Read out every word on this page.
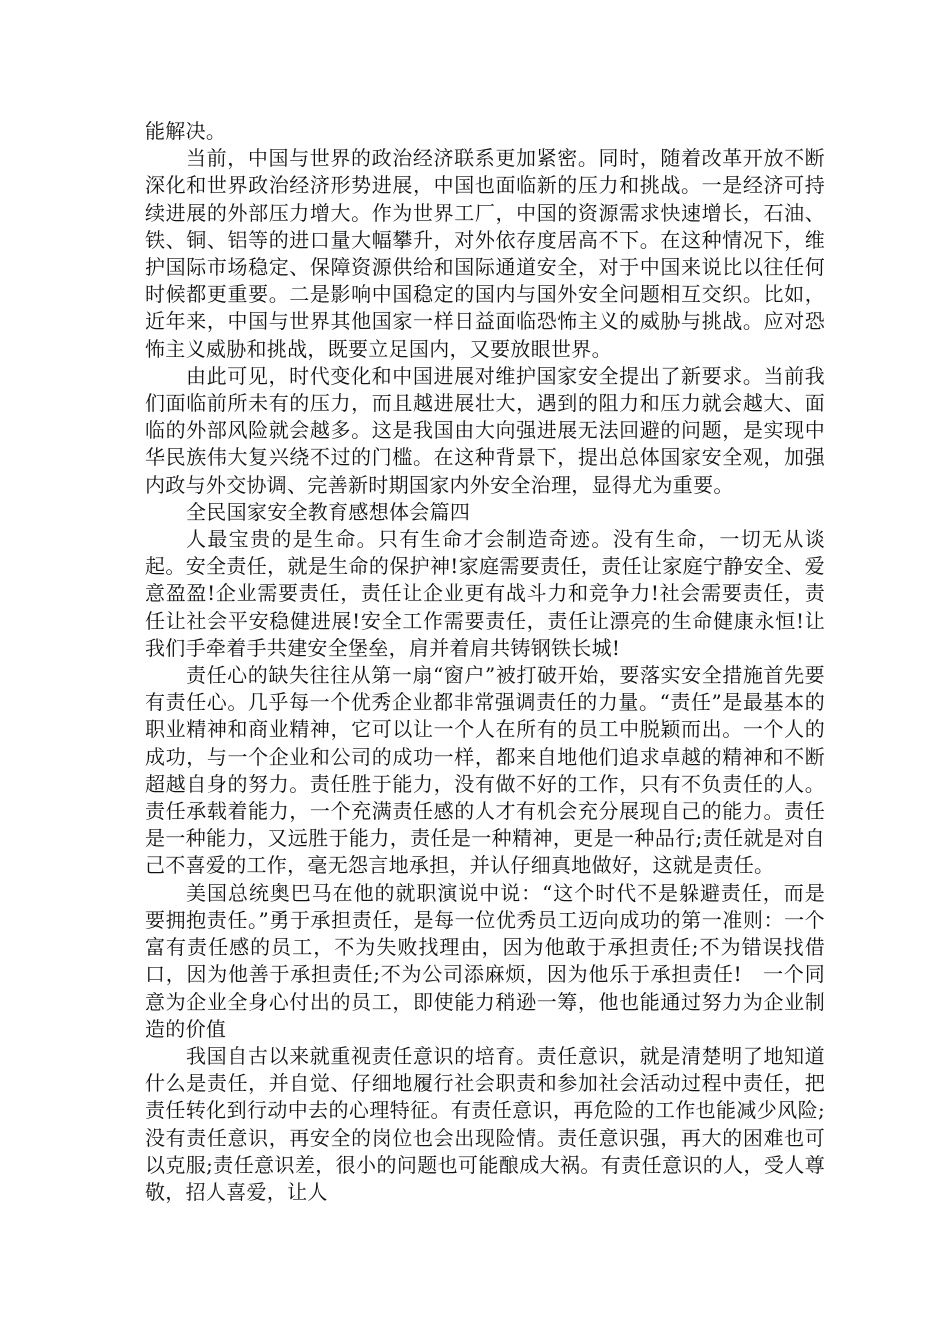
能解决。

当前，中国与世界的政治经济联系更加紧密。同时，随着改革开放不断深化和世界政治经济形势进展，中国也面临新的压力和挑战。一是经济可持续进展的外部压力增大。作为世界工厂，中国的资源需求快速增长，石油、铁、铜、铝等的进口量大幅攀升，对外依存度居高不下。在这种情况下，维护国际市场稳定、保障资源供给和国际通道安全，对于中国来说比以往任何时候都更重要。二是影响中国稳定的国内与国外安全问题相互交织。比如，近年来，中国与世界其他国家一样日益面临恐怖主义的威胁与挑战。应对恐怖主义威胁和挑战，既要立足国内，又要放眼世界。

由此可见，时代变化和中国进展对维护国家安全提出了新要求。当前我们面临前所未有的压力，而且越进展壮大，遇到的阻力和压力就会越大、面临的外部风险就会越多。这是我国由大向强进展无法回避的问题，是实现中华民族伟大复兴绕不过的门槛。在这种背景下，提出总体国家安全观，加强内政与外交协调、完善新时期国家内外安全治理，显得尤为重要。

全民国家安全教育感想体会篇四

人最宝贵的是生命。只有生命才会制造奇迹。没有生命，一切无从谈起。安全责任，就是生命的保护神!家庭需要责任，责任让家庭宁静安全、爱意盈盈!企业需要责任，责任让企业更有战斗力和竞争力!社会需要责任，责任让社会平安稳健进展!安全工作需要责任，责任让漂亮的生命健康永恒!让我们手牵着手共建安全堡垒，肩并着肩共铸钢铁长城!

责任心的缺失往往从第一扇“窗户”被打破开始，要落实安全措施首先要有责任心。几乎每一个优秀企业都非常强调责任的力量。“责任”是最基本的职业精神和商业精神，它可以让一个人在所有的员工中脱颖而出。一个人的成功，与一个企业和公司的成功一样，都来自地他们追求卓越的精神和不断超越自身的努力。责任胜于能力，没有做不好的工作，只有不负责任的人。责任承载着能力，一个充满责任感的人才有机会充分展现自己的能力。责任是一种能力，又远胜于能力，责任是一种精神，更是一种品行;责任就是对自己不喜爱的工作，毫无怨言地承担，并认仔细真地做好，这就是责任。

美国总统奥巴马在他的就职演说中说：“这个时代不是躲避责任，而是要拥抱责任。”勇于承担责任，是每一位优秀员工迈向成功的第一准则：一个富有责任感的员工，不为失败找理由，因为他敢于承担责任;不为错误找借口，因为他善于承担责任;不为公司添麻烦，因为他乐于承担责任!　一个同意为企业全身心付出的员工，即使能力稍逊一筹，他也能通过努力为企业制造的价值

我国自古以来就重视责任意识的培育。责任意识，就是清楚明了地知道什么是责任，并自觉、仔细地履行社会职责和参加社会活动过程中责任，把责任转化到行动中去的心理特征。有责任意识，再危险的工作也能减少风险;没有责任意识，再安全的岗位也会出现险情。责任意识强，再大的困难也可以克服;责任意识差，很小的问题也可能酿成大祸。有责任意识的人，受人尊敬，招人喜爱，让人
